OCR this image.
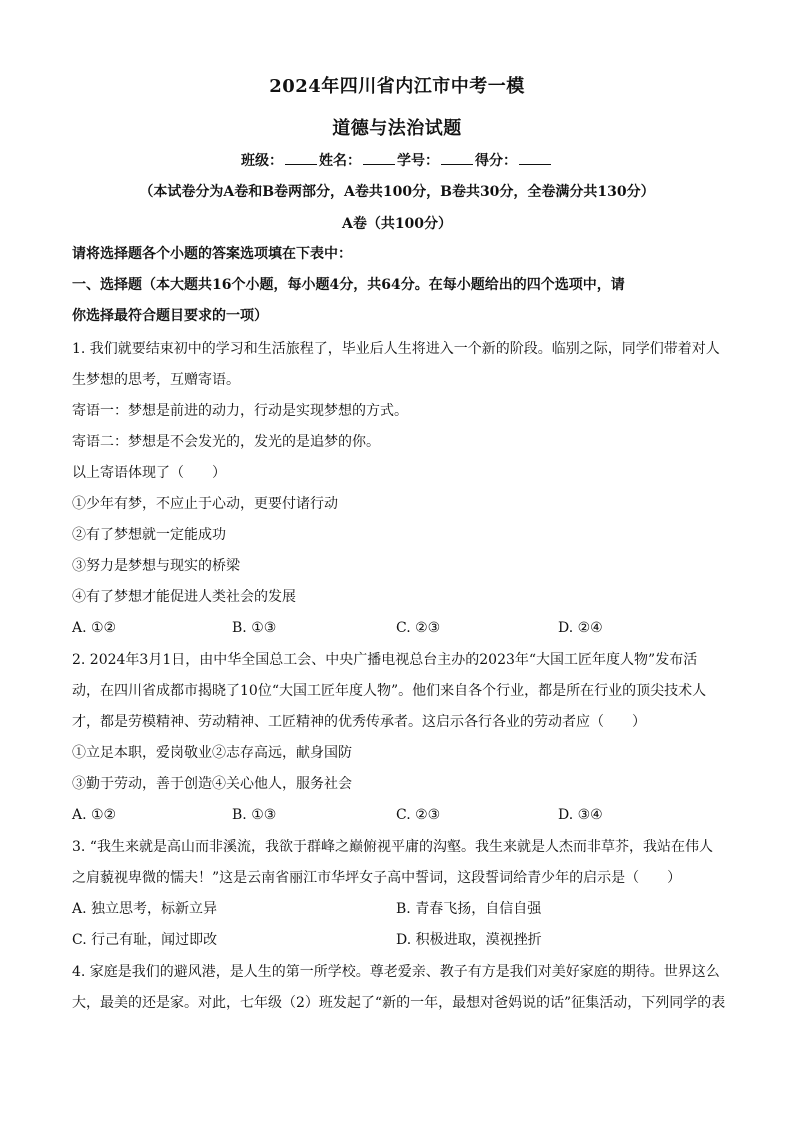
2024年四川省内江市中考一模
道德与法治试题
班级：	姓名：	学号：	得分：
（本试卷分为A卷和B卷两部分，A卷共100分，B卷共30分，全卷满分共130分）
A卷（共100分）
请将选择题各个小题的答案选项填在下表中：
一、选择题（本大题共16个小题，每小题4分，共64分。在每小题给出的四个选项中，请
你选择最符合题目要求的一项）
1. 我们就要结束初中的学习和生活旅程了，毕业后人生将进入一个新的阶段。临别之际，同学们带着对人
生梦想的思考，互赠寄语。
寄语一：梦想是前进的动力，行动是实现梦想的方式。
寄语二：梦想是不会发光的，发光的是追梦的你。
以上寄语体现了（　　）
①少年有梦，不应止于心动，更要付诸行动
②有了梦想就一定能成功
③努力是梦想与现实的桥梁
④有了梦想才能促进人类社会的发展
A. ①②	B. ①③	C. ②③	D. ②④
2. 2024年3月1日，由中华全国总工会、中央广播电视总台主办的2023年“大国工匠年度人物”发布活
动，在四川省成都市揭晓了10位“大国工匠年度人物”。他们来自各个行业，都是所在行业的顶尖技术人
才，都是劳模精神、劳动精神、工匠精神的优秀传承者。这启示各行各业的劳动者应（　　）
①立足本职，爱岗敬业②志存高远，献身国防
③勤于劳动，善于创造④关心他人，服务社会
A. ①②	B. ①③	C. ②③	D. ③④
3. “我生来就是高山而非溪流，我欲于群峰之巅俯视平庸的沟壑。我生来就是人杰而非草芥，我站在伟人
之肩藐视卑微的懦夫！”这是云南省丽江市华坪女子高中誓词，这段誓词给青少年的启示是（　　）
A. 独立思考，标新立异	B. 青春飞扬，自信自强
C. 行己有耻，闻过即改	D. 积极进取，漠视挫折
4. 家庭是我们的避风港，是人生的第一所学校。尊老爱亲、教子有方是我们对美好家庭的期待。世界这么
大，最美的还是家。对此，七年级（2）班发起了“新的一年，最想对爸妈说的话”征集活动，下列同学的表
